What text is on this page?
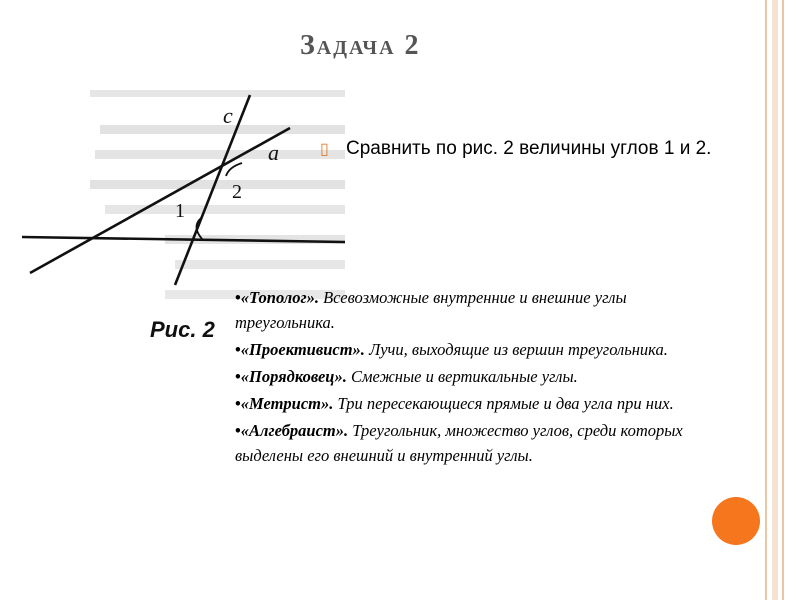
Задача 2
c
a
1
2
Рис. 2
▯ Сравнить по рис. 2 величины углов 1 и 2.

•«Тополог». Всевозможные внутренние и внешние углы треугольника.

•«Проективист». Лучи, выходящие из вершин треугольника.

•«Порядковец». Смежные и вертикальные углы.

•«Метрист». Три пересекающиеся прямые и два угла при них.

•«Алгебраист». Треугольник, множество углов, среди которых выделены его внешний и внутренний углы.
